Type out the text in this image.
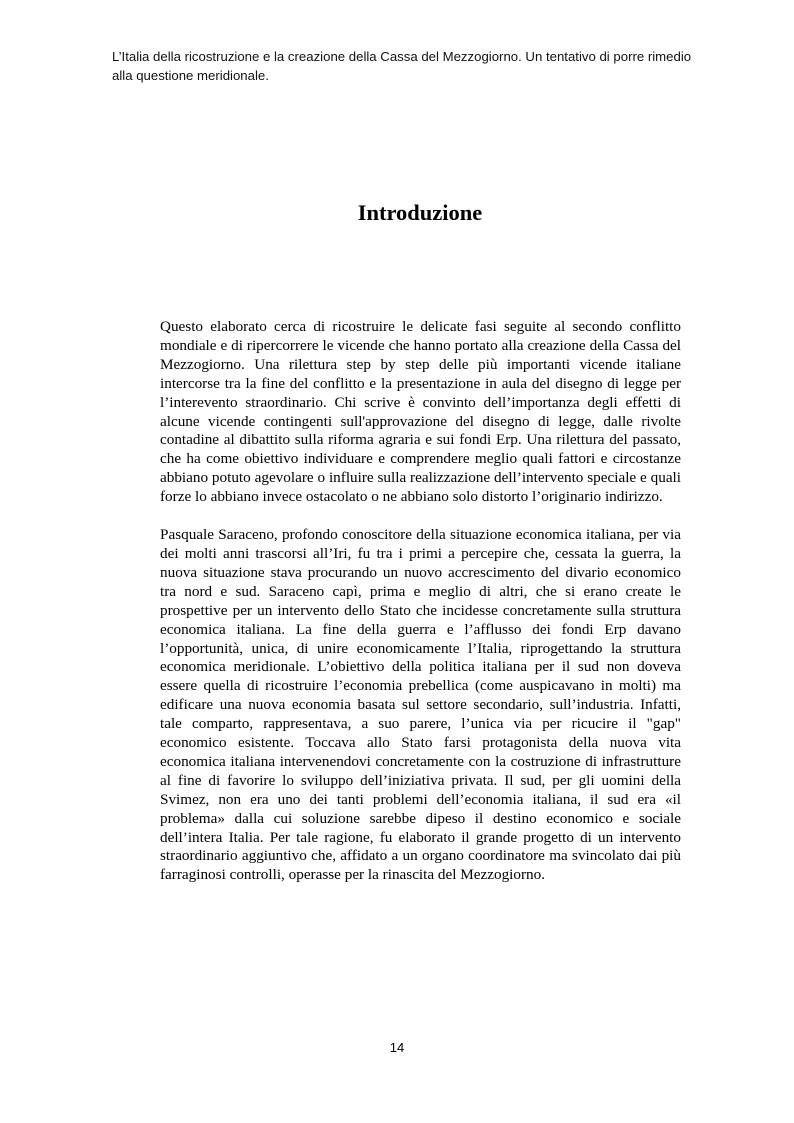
L’Italia della ricostruzione e la creazione della Cassa del Mezzogiorno. Un tentativo di porre rimedio alla questione meridionale.

Introduzione

Questo elaborato cerca di ricostruire le delicate fasi seguite al secondo conflitto mondiale e di ripercorrere le vicende che hanno portato alla creazione della Cassa del Mezzogiorno. Una rilettura step by step delle più importanti vicende italiane intercorse tra la fine del conflitto e la presentazione in aula del disegno di legge per l’interevento straordinario. Chi scrive è convinto dell’importanza degli effetti di alcune vicende contingenti sull'approvazione del disegno di legge, dalle rivolte contadine al dibattito sulla riforma agraria e sui fondi Erp. Una rilettura del passato, che ha come obiettivo individuare e comprendere meglio quali fattori e circostanze abbiano potuto agevolare o influire sulla realizzazione dell’intervento speciale e quali forze lo abbiano invece ostacolato o ne abbiano solo distorto l’originario indirizzo.

Pasquale Saraceno, profondo conoscitore della situazione economica italiana, per via dei molti anni trascorsi all’Iri, fu tra i primi a percepire che, cessata la guerra, la nuova situazione stava procurando un nuovo accrescimento del divario economico tra nord e sud. Saraceno capì, prima e meglio di altri, che si erano create le prospettive per un intervento dello Stato che incidesse concretamente sulla struttura economica italiana. La fine della guerra e l’afflusso dei fondi Erp davano l’opportunità, unica, di unire economicamente l’Italia, riprogettando la struttura economica meridionale. L’obiettivo della politica italiana per il sud non doveva essere quella di ricostruire l’economia prebellica (come auspicavano in molti) ma edificare una nuova economia basata sul settore secondario, sull’industria. Infatti, tale comparto, rappresentava, a suo parere, l’unica via per ricucire il "gap" economico esistente. Toccava allo Stato farsi protagonista della nuova vita economica italiana intervenendovi concretamente con la costruzione di infrastrutture al fine di favorire lo sviluppo dell’iniziativa privata. Il sud, per gli uomini della Svimez, non era uno dei tanti problemi dell’economia italiana, il sud era «il problema» dalla cui soluzione sarebbe dipeso il destino economico e sociale dell’intera Italia. Per tale ragione, fu elaborato il grande progetto di un intervento straordinario aggiuntivo che, affidato a un organo coordinatore ma svincolato dai più farraginosi controlli, operasse per la rinascita del Mezzogiorno.

14
